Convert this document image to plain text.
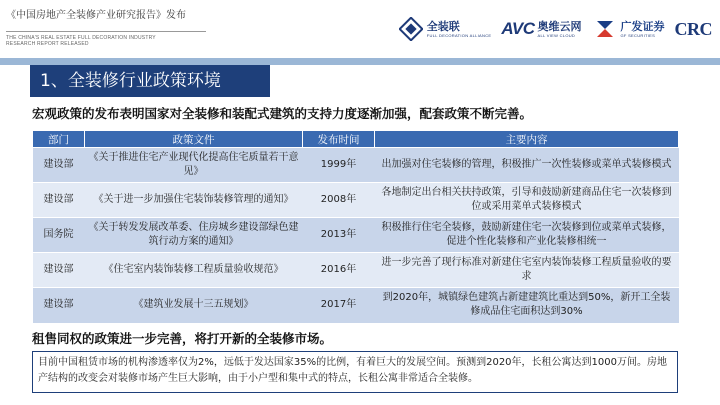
《中国房地产全装修产业研究报告》发布
THE CHINA'S REAL ESTATE FULL DECORATION INDUSTRY
RESEARCH REPORT RELEASED
全装联
FULL DECORATION ALLIANCE AVC 奥维云网
ALL VIEW CLOUD
广发证券
GF SECURITIES	CRC
1、全装修行业政策环境
宏观政策的发布表明国家对全装修和装配式建筑的支持力度逐渐加强，配套政策不断完善。
部门	政策文件	发布时间	主要内容
建设部	《关于推进住宅产业现代化提高住宅质量若干意见》	1999年	出加强对住宅装修的管理，积极推广一次性装修或菜单式装修模式
建设部	《关于进一步加强住宅装饰装修管理的通知》	2008年	各地制定出台相关扶持政策，引导和鼓励新建商品住宅一次装修到位或采用菜单式装修模式
国务院	《关于转发发展改革委、住房城乡建设部绿色建筑行动方案的通知》	2013年	积极推行住宅全装修，鼓励新建住宅一次装修到位或菜单式装修，促进个性化装修和产业化装修相统一
建设部	《住宅室内装饰装修工程质量验收规范》	2016年	进一步完善了现行标准对新建住宅室内装饰装修工程质量验收的要求
建设部	《建筑业发展十三五规划》	2017年	到2020年，城镇绿色建筑占新建建筑比重达到50%，新开工全装修成品住宅面积达到30%
租售同权的政策进一步完善，将打开新的全装修市场。
目前中国租赁市场的机构渗透率仅为2%，远低于发达国家35%的比例，有着巨大的发展空间。预测到2020年，长租公寓达到1000万间。房地产结构的改变会对装修市场产生巨大影响，由于小户型和集中式的特点，长租公寓非常适合全装修。
